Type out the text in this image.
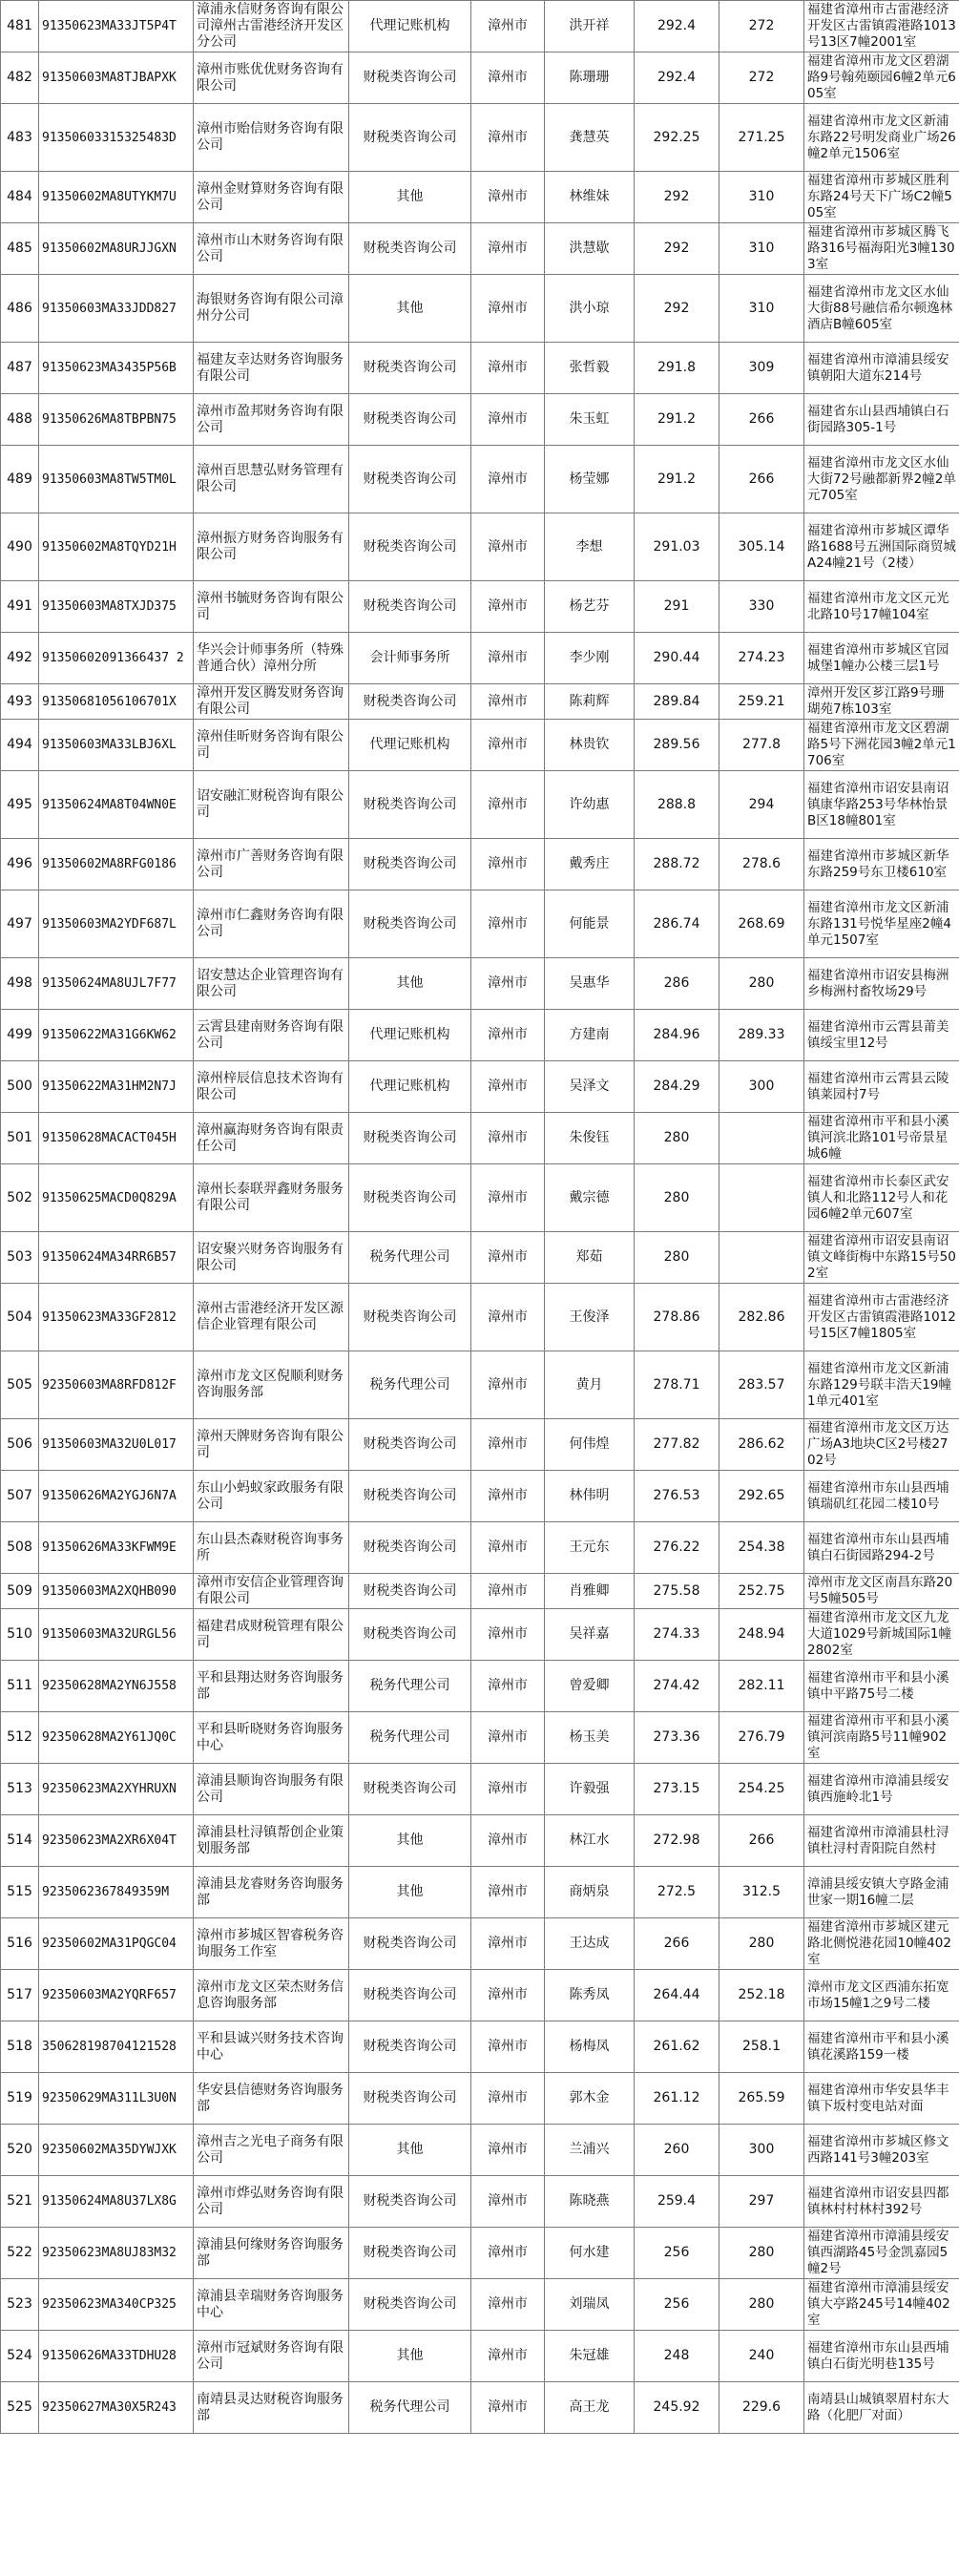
481	91350623MA33JT5P4T	漳浦永信财务咨询有限公司漳州古雷港经济开发区分公司	代理记账机构	漳州市	洪开祥	292.4	272	福建省漳州市古雷港经济开发区古雷镇霞港路1013号13区7幢2001室
482	91350603MA8TJBAPXK	漳州市账优优财务咨询有限公司	财税类咨询公司	漳州市	陈珊珊	292.4	272	福建省漳州市龙文区碧湖路9号翰苑颐园6幢2单元605室
483	91350603315325483D	漳州市贻信财务咨询有限公司	财税类咨询公司	漳州市	龚慧英	292.25	271.25	福建省漳州市龙文区新浦东路22号明发商业广场26幢2单元1506室
484	91350602MA8UTYKM7U	漳州金财算财务咨询有限公司	其他	漳州市	林维妹	292	310	福建省漳州市芗城区胜利东路24号天下广场C2幢505室
485	91350602MA8URJJGXN	漳州市山木财务咨询有限公司	财税类咨询公司	漳州市	洪慧歇	292	310	福建省漳州市芗城区腾飞路316号福海阳光3幢1303室
486	91350603MA33JDD827	海银财务咨询有限公司漳州分公司	其他	漳州市	洪小琼	292	310	福建省漳州市龙文区水仙大街88号融信希尔顿逸林酒店B幢605室
487	91350623MA3435P56B	福建友幸达财务咨询服务有限公司	财税类咨询公司	漳州市	张哲毅	291.8	309	福建省漳州市漳浦县绥安镇朝阳大道东214号
488	91350626MA8TBPBN75	漳州市盈邦财务咨询有限公司	财税类咨询公司	漳州市	朱玉虹	291.2	266	福建省东山县西埔镇白石街园路305-1号
489	91350603MA8TW5TM0L	漳州百思慧弘财务管理有限公司	财税类咨询公司	漳州市	杨莹娜	291.2	266	福建省漳州市龙文区水仙大街72号融都新界2幢2单元705室
490	91350602MA8TQYD21H	漳州振方财务咨询服务有限公司	财税类咨询公司	漳州市	李想	291.03	305.14	福建省漳州市芗城区谭华路1688号五洲国际商贸城A24幢21号（2楼）
491	91350603MA8TXJD375	漳州书毓财务咨询有限公司	财税类咨询公司	漳州市	杨艺芬	291	330	福建省漳州市龙文区元光北路10号17幢104室
492	91350602091366437 2	华兴会计师事务所（特殊普通合伙）漳州分所	会计师事务所	漳州市	李少刚	290.44	274.23	福建省漳州市芗城区官园城堡1幢办公楼三层1号
493	91350681056106701X	漳州开发区腾发财务咨询有限公司	财税类咨询公司	漳州市	陈莉辉	289.84	259.21	漳州开发区芗江路9号珊瑚苑7栋103室
494	91350603MA33LBJ6XL	漳州佳昕财务咨询有限公司	代理记账机构	漳州市	林贵钦	289.56	277.8	福建省漳州市龙文区碧湖路5号下洲花园3幢2单元1706室
495	91350624MA8T04WN0E	诏安融汇财税咨询有限公司	财税类咨询公司	漳州市	许幼惠	288.8	294	福建省漳州市诏安县南诏镇康华路253号华林怡景B区18幢801室
496	91350602MA8RFG0186	漳州市广善财务咨询有限公司	财税类咨询公司	漳州市	戴秀庄	288.72	278.6	福建省漳州市芗城区新华东路259号东卫楼610室
497	91350603MA2YDF687L	漳州市仁鑫财务咨询有限公司	财税类咨询公司	漳州市	何能景	286.74	268.69	福建省漳州市龙文区新浦东路131号悦华星座2幢4单元1507室
498	91350624MA8UJL7F77	诏安慧达企业管理咨询有限公司	其他	漳州市	吴惠华	286	280	福建省漳州市诏安县梅洲乡梅洲村畜牧场29号
499	91350622MA31G6KW62	云霄县建南财务咨询有限公司	代理记账机构	漳州市	方建南	284.96	289.33	福建省漳州市云霄县莆美镇绥宝里12号
500	91350622MA31HM2N7J	漳州梓辰信息技术咨询有限公司	代理记账机构	漳州市	吴泽文	284.29	300	福建省漳州市云霄县云陵镇莱园村7号
501	91350628MACACT045H	漳州赢海财务咨询有限责任公司	财税类咨询公司	漳州市	朱俊钰	280		福建省漳州市平和县小溪镇河滨北路101号帝景星城6幢
502	91350625MACD0Q829A	漳州长泰联羿鑫财务服务有限公司	财税类咨询公司	漳州市	戴宗德	280		福建省漳州市长泰区武安镇人和北路112号人和花园6幢2单元607室
503	91350624MA34RR6B57	诏安聚兴财务咨询服务有限公司	税务代理公司	漳州市	郑茹	280		福建省漳州市诏安县南诏镇文峰街梅中东路15号502室
504	91350623MA33GF2812	漳州古雷港经济开发区源信企业管理有限公司	财税类咨询公司	漳州市	王俊泽	278.86	282.86	福建省漳州市古雷港经济开发区古雷镇霞港路1012号15区7幢1805室
505	92350603MA8RFD812F	漳州市龙文区倪顺利财务咨询服务部	税务代理公司	漳州市	黄月	278.71	283.57	福建省漳州市龙文区新浦东路129号联丰浩天19幢1单元401室
506	91350603MA32U0L017	漳州天牌财务咨询有限公司	财税类咨询公司	漳州市	何伟煌	277.82	286.62	福建省漳州市龙文区万达广场A3地块C区2号楼2702号
507	91350626MA2YGJ6N7A	东山小蚂蚁家政服务有限公司	财税类咨询公司	漳州市	林伟明	276.53	292.65	福建省漳州市东山县西埔镇瑞矶红花园二楼10号
508	91350626MA33KFWM9E	东山县杰森财税咨询事务所	财税类咨询公司	漳州市	王元东	276.22	254.38	福建省漳州市东山县西埔镇白石街园路294-2号
509	91350603MA2XQHB090	漳州市安信企业管理咨询有限公司	财税类咨询公司	漳州市	肖雅卿	275.58	252.75	漳州市龙文区南昌东路20号5幢505号
510	91350603MA32URGL56	福建君成财税管理有限公司	财税类咨询公司	漳州市	吴祥嘉	274.33	248.94	福建省漳州市龙文区九龙大道1029号新城国际1幢2802室
511	92350628MA2YN6J558	平和县翔达财务咨询服务部	税务代理公司	漳州市	曾爱卿	274.42	282.11	福建省漳州市平和县小溪镇中平路75号二楼
512	92350628MA2Y61JQ0C	平和县昕晓财务咨询服务中心	税务代理公司	漳州市	杨玉美	273.36	276.79	福建省漳州市平和县小溪镇河滨南路5号11幢902室
513	92350623MA2XYHRUXN	漳浦县顺询咨询服务有限公司	财税类咨询公司	漳州市	许毅强	273.15	254.25	福建省漳州市漳浦县绥安镇西施岭北1号
514	92350623MA2XR6X04T	漳浦县杜浔镇帮创企业策划服务部	其他	漳州市	林江水	272.98	266	福建省漳州市漳浦县杜浔镇杜浔村青阳院自然村
515	9235062367849359M	漳浦县龙睿财务咨询服务部	其他	漳州市	商炳泉	272.5	312.5	漳浦县绥安镇大亨路金浦世家一期16幢二层
516	92350602MA31PQGC04	漳州市芗城区智睿税务咨询服务工作室	财税类咨询公司	漳州市	王达成	266	280	福建省漳州市芗城区建元路北侧悦港花园10幢402室
517	92350603MA2YQRF657	漳州市龙文区荣杰财务信息咨询服务部	财税类咨询公司	漳州市	陈秀凤	264.44	252.18	漳州市龙文区西浦东拓宽市场15幢1之9号二楼
518	350628198704121528	平和县诚兴财务技术咨询中心	财税类咨询公司	漳州市	杨梅凤	261.62	258.1	福建省漳州市平和县小溪镇花溪路159一楼
519	92350629MA311L3U0N	华安县信德财务咨询服务部	财税类咨询公司	漳州市	郭木金	261.12	265.59	福建省漳州市华安县华丰镇下坂村变电站对面
520	92350602MA35DYWJXK	漳州吉之光电子商务有限公司	其他	漳州市	兰浦兴	260	300	福建省漳州市芗城区修文西路141号3幢203室
521	91350624MA8U37LX8G	漳州市烨弘财务咨询有限公司	财税类咨询公司	漳州市	陈晓燕	259.4	297	福建省漳州市诏安县四都镇林村村林村392号
522	92350623MA8UJ83M32	漳浦县何缘财务咨询服务部	财税类咨询公司	漳州市	何水建	256	280	福建省漳州市漳浦县绥安镇西湖路45号金凯嘉园5幢2号
523	92350623MA340CP325	漳浦县幸瑞财务咨询服务中心	财税类咨询公司	漳州市	刘瑞凤	256	280	福建省漳州市漳浦县绥安镇大亭路245号14幢402室
524	91350626MA33TDHU28	漳州市冠斌财务咨询有限公司	其他	漳州市	朱冠雄	248	240	福建省漳州市东山县西埔镇白石街光明巷135号
525	92350627MA30X5R243	南靖县灵达财税咨询服务部	税务代理公司	漳州市	高王龙	245.92	229.6	南靖县山城镇翠眉村东大路（化肥厂对面）
